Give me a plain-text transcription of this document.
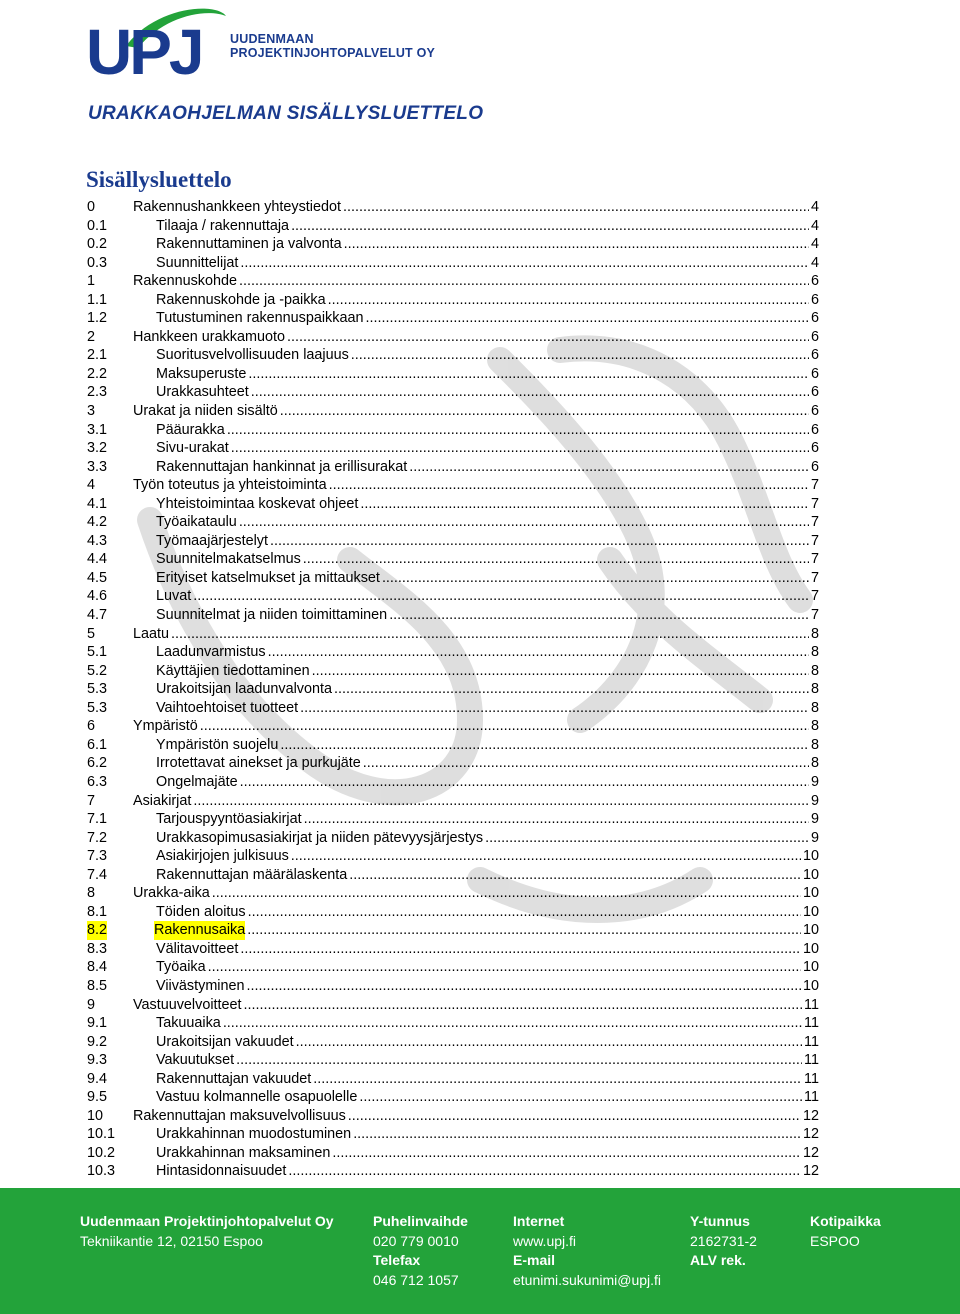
UPJ UUDENMAAN
PROJEKTINJOHTOPALVELUT OY
URAKKAOHJELMAN SISÄLLYSLUETTELO
Sisällysluettelo
0	Rakennushankkeen yhteystiedot .....	4
0.1	Tilaaja / rakennuttaja .....	4
0.2	Rakennuttaminen ja valvonta .....	4
0.3	Suunnittelijat .....	4
1	Rakennuskohde .....	6
1.1	Rakennuskohde ja -paikka .....	6
1.2	Tutustuminen rakennuspaikkaan .....	6
2	Hankkeen urakkamuoto .....	6
2.1	Suoritusvelvollisuuden laajuus .....	6
2.2	Maksuperuste .....	6
2.3	Urakkasuhteet .....	6
3	Urakat ja niiden sisältö .....	6
3.1	Pääurakka .....	6
3.2	Sivu-urakat .....	6
3.3	Rakennuttajan hankinnat ja erillisurakat .....	6
4	Työn toteutus ja yhteistoiminta .....	7
4.1	Yhteistoimintaa koskevat ohjeet .....	7
4.2	Työaikataulu .....	7
4.3	Työmaajärjestelyt .....	7
4.4	Suunnitelmakatselmus .....	7
4.5	Erityiset katselmukset ja mittaukset .....	7
4.6	Luvat .....	7
4.7	Suunnitelmat ja niiden toimittaminen .....	7
5	Laatu .....	8
5.1	Laadunvarmistus .....	8
5.2	Käyttäjien tiedottaminen .....	8
5.3	Urakoitsijan laadunvalvonta .....	8
5.3	Vaihtoehtoiset tuotteet .....	8
6	Ympäristö .....	8
6.1	Ympäristön suojelu .....	8
6.2	Irrotettavat ainekset ja purkujäte .....	8
6.3	Ongelmajäte .....	9
7	Asiakirjat .....	9
7.1	Tarjouspyyntöasiakirjat .....	9
7.2	Urakkasopimusasiakirjat ja niiden pätevyysjärjestys .....	9
7.3	Asiakirjojen julkisuus .....	10
7.4	Rakennuttajan määrälaskenta .....	10
8	Urakka-aika .....	10
8.1	Töiden aloitus .....	10
8.2	Rakennusaika .....	10
8.3	Välitavoitteet .....	10
8.4	Työaika .....	10
8.5	Viivästyminen .....	10
9	Vastuuvelvoitteet .....	11
9.1	Takuuaika .....	11
9.2	Urakoitsijan vakuudet .....	11
9.3	Vakuutukset .....	11
9.4	Rakennuttajan vakuudet .....	11
9.5	Vastuu kolmannelle osapuolelle .....	11
10	Rakennuttajan maksuvelvollisuus .....	12
10.1	Urakkahinnan muodostuminen .....	12
10.2	Urakkahinnan maksaminen .....	12
10.3	Hintasidonnaisuudet .....	12
Uudenmaan Projektinjohtopalvelut Oy
Tekniikantie 12, 02150 Espoo
Puhelinvaihde
020 779 0010
Telefax
046 712 1057
Internet
www.upj.fi
E-mail
etunimi.sukunimi@upj.fi
Y-tunnus
2162731-2
ALV rek.
Kotipaikka
ESPOO
